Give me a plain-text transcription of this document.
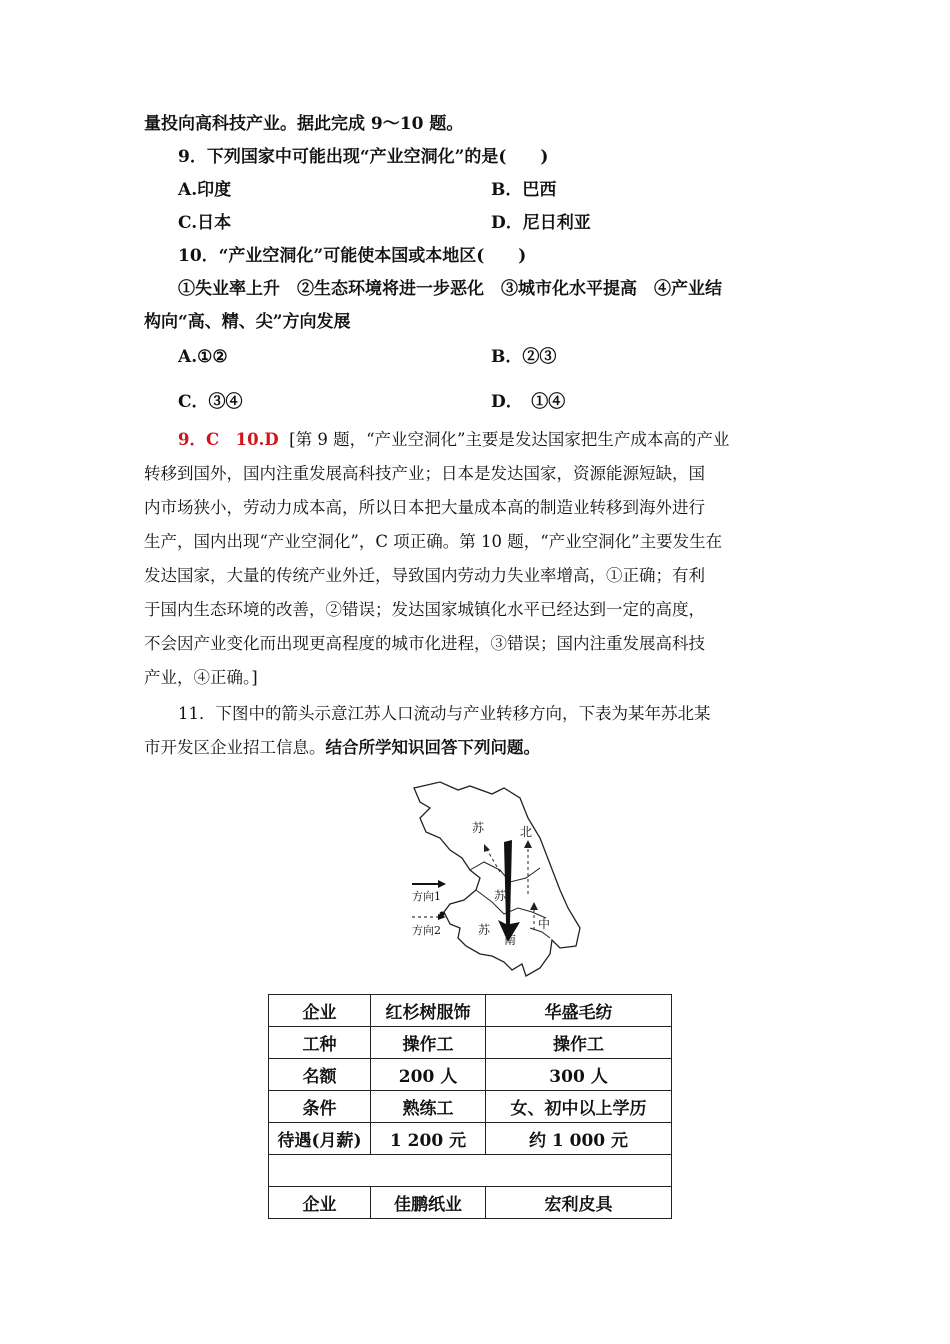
量投向高科技产业。据此完成 9～10 题。
9．下列国家中可能出现“产业空洞化”的是(　　)
A.印度	B．巴西
C.日本	D．尼日利亚
10．“产业空洞化”可能使本国或本地区(　　)
①失业率上升　②生态环境将进一步恶化　③城市化水平提高　④产业结
构向“高、精、尖”方向发展
A.①②	B．②③
C．③④	D．　①④
9．C　10.D [第 9 题，“产业空洞化”主要是发达国家把生产成本高的产业
转移到国外，国内注重发展高科技产业；日本是发达国家，资源能源短缺，国
内市场狭小，劳动力成本高，所以日本把大量成本高的制造业转移到海外进行
生产，国内出现“产业空洞化”，C 项正确。第 10 题，“产业空洞化”主要发生在
发达国家，大量的传统产业外迁，导致国内劳动力失业率增高，①正确；有利
于国内生态环境的改善，②错误；发达国家城镇化水平已经达到一定的高度，
不会因产业变化而出现更高程度的城市化进程，③错误；国内注重发展高科技
产业，④正确。]
11．下图中的箭头示意江苏人口流动与产业转移方向，下表为某年苏北某
市开发区企业招工信息。结合所学知识回答下列问题。
苏	北
苏
中
苏
南
方向1
方向2
企业	红杉树服饰	华盛毛纺
工种	操作工	操作工
名额	200 人	300 人
条件	熟练工	女、初中以上学历
待遇(月薪)	1 200 元	约 1 000 元

企业	佳鹏纸业	宏利皮具
